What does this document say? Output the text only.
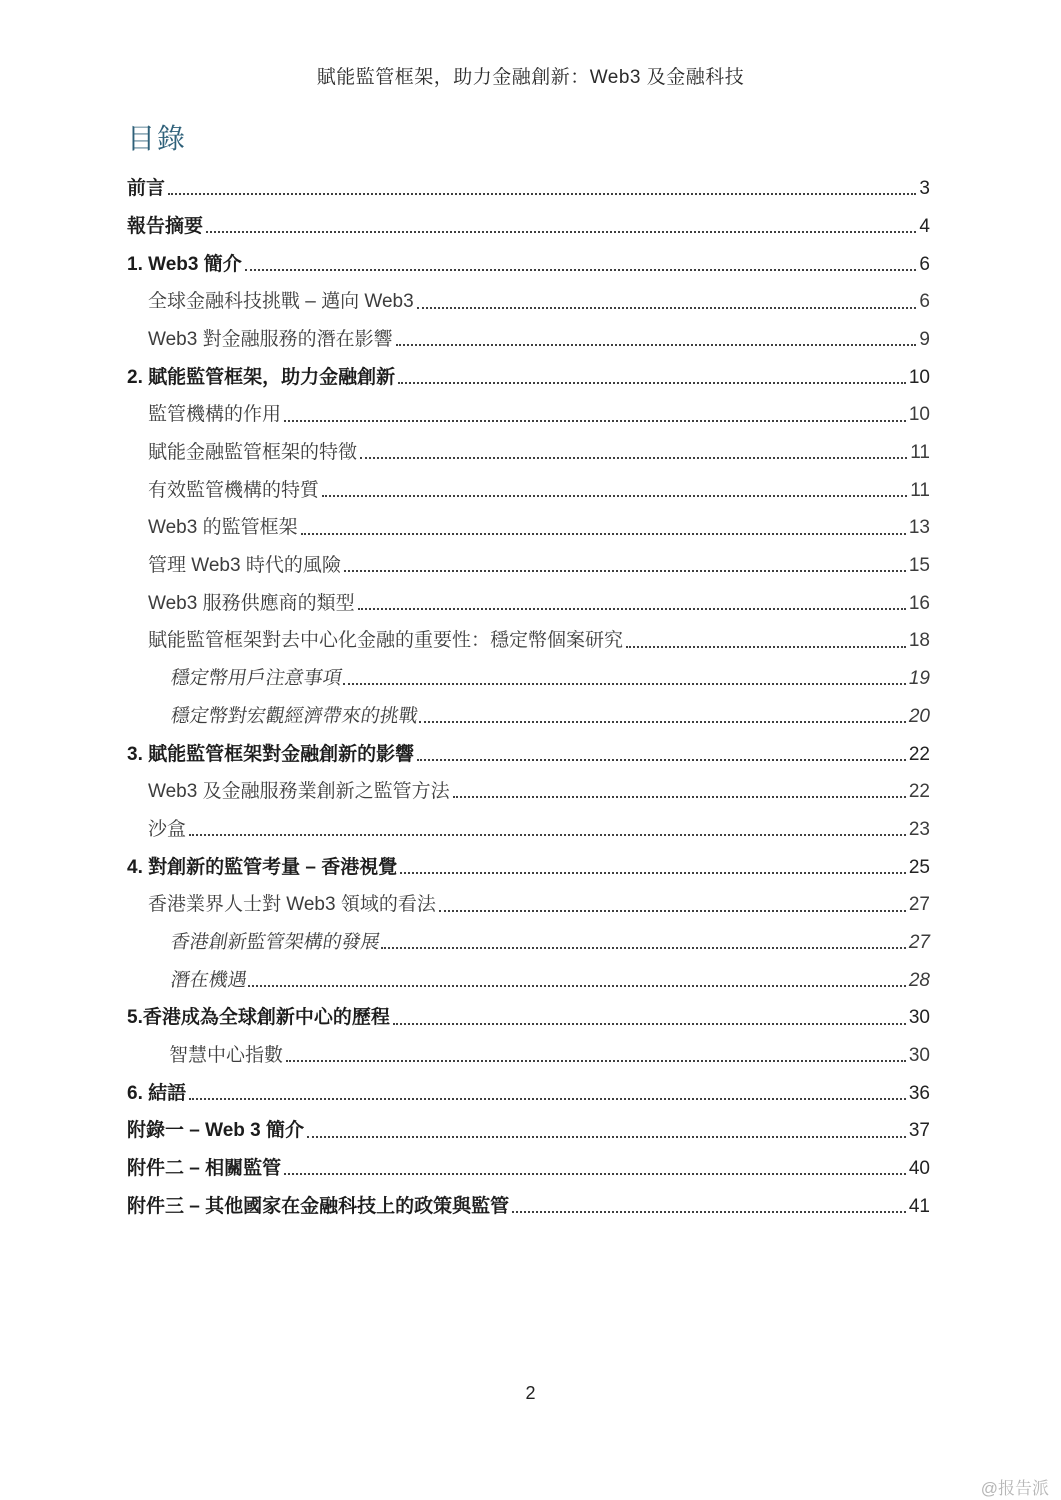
賦能監管框架，助力金融創新：Web3 及金融科技
目錄
前言	3
報告摘要	4
1. Web3 簡介	6
全球金融科技挑戰 – 邁向 Web3	6
Web3 對金融服務的潛在影響	9
2. 賦能監管框架，助力金融創新	10
監管機構的作用	10
賦能金融監管框架的特徵	11
有效監管機構的特質	11
Web3 的監管框架	13
管理 Web3 時代的風險	15
Web3 服務供應商的類型	16
賦能監管框架對去中心化金融的重要性：穩定幣個案研究	18
穩定幣用戶注意事項	19
穩定幣對宏觀經濟帶來的挑戰	20
3. 賦能監管框架對金融創新的影響	22
Web3 及金融服務業創新之監管方法	22
沙盒	23
4. 對創新的監管考量 – 香港視覺	25
香港業界人士對 Web3 領域的看法	27
香港創新監管架構的發展	27
潛在機遇	28
5.香港成為全球創新中心的歷程	30
智慧中心指數	30
6. 結語	36
附錄一 – Web 3 簡介	37
附件二 – 相關監管	40
附件三 – 其他國家在金融科技上的政策與監管	41
2
@报告派
